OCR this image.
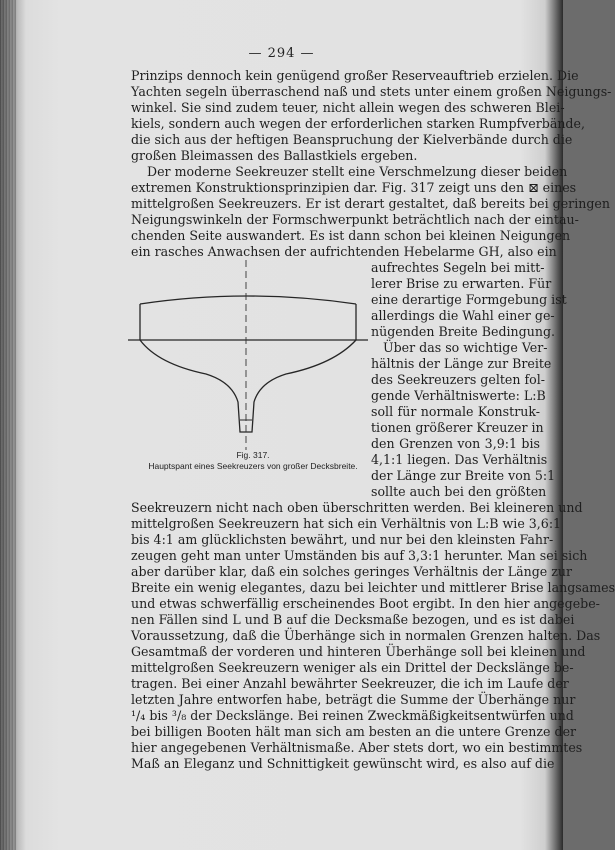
— 294 —
Prinzips dennoch kein genügend großer Reserveauftrieb erzielen. Die
Yachten segeln überraschend naß und stets unter einem großen Neigungs-
winkel. Sie sind zudem teuer, nicht allein wegen des schweren Blei-
kiels, sondern auch wegen der erforderlichen starken Rumpfverbände,
die sich aus der heftigen Beanspruchung der Kielverbände durch die
großen Bleimassen des Ballastkiels ergeben.
Der moderne Seekreuzer stellt eine Verschmelzung dieser beiden
extremen Konstruktionsprinzipien dar. Fig. 317 zeigt uns den ⊠ eines
mittelgroßen Seekreuzers. Er ist derart gestaltet, daß bereits bei geringen
Neigungswinkeln der Formschwerpunkt beträchtlich nach der eintau-
chenden Seite auswandert. Es ist dann schon bei kleinen Neigungen
ein rasches Anwachsen der aufrichtenden Hebelarme GH, also ein
Fig. 317.
Hauptspant eines Seekreuzers von großer Decksbreite.
aufrechtes Segeln bei mitt-
lerer Brise zu erwarten. Für
eine derartige Formgebung ist
allerdings die Wahl einer ge-
nügenden Breite Bedingung.
Über das so wichtige Ver-
hältnis der Länge zur Breite
des Seekreuzers gelten fol-
gende Verhältniswerte: L:B
soll für normale Konstruk-
tionen größerer Kreuzer in
den Grenzen von 3,9:1 bis
4,1:1 liegen. Das Verhältnis
der Länge zur Breite von 5:1
sollte auch bei den größten
Seekreuzern nicht nach oben überschritten werden. Bei kleineren und
mittelgroßen Seekreuzern hat sich ein Verhältnis von L:B wie 3,6:1
bis 4:1 am glücklichsten bewährt, und nur bei den kleinsten Fahr-
zeugen geht man unter Umständen bis auf 3,3:1 herunter. Man sei sich
aber darüber klar, daß ein solches geringes Verhältnis der Länge zur
Breite ein wenig elegantes, dazu bei leichter und mittlerer Brise langsames
und etwas schwerfällig erscheinendes Boot ergibt. In den hier angegebe-
nen Fällen sind L und B auf die Decksmaße bezogen, und es ist dabei
Voraussetzung, daß die Überhänge sich in normalen Grenzen halten. Das
Gesamtmaß der vorderen und hinteren Überhänge soll bei kleinen und
mittelgroßen Seekreuzern weniger als ein Drittel der Deckslänge be-
tragen. Bei einer Anzahl bewährter Seekreuzer, die ich im Laufe der
letzten Jahre entworfen habe, beträgt die Summe der Überhänge nur
¹/₄ bis ³/₈ der Deckslänge. Bei reinen Zweckmäßigkeitsentwürfen und
bei billigen Booten hält man sich am besten an die untere Grenze der
hier angegebenen Verhältnismaße. Aber stets dort, wo ein bestimmtes
Maß an Eleganz und Schnittigkeit gewünscht wird, es also auf die
